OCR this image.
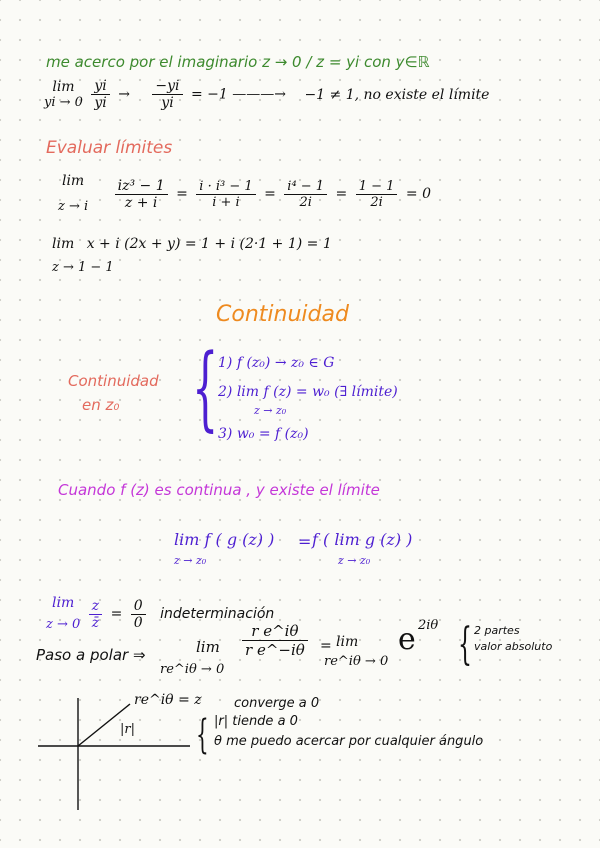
me acerco por el imaginario z → 0 / z = yi con y∈ℝ
lim
yi → 0
$\frac{yi}{yi} \to \frac{-yi}{yi} = -1$ ———→ −1 ≠ 1, no existe el límite
Evaluar límites
lim
z → i
$\frac{\text{iz³ − 1}}{z + i} = \frac{\text{i · i³ − 1}}{i + i} = \frac{\text{i⁴ − 1}}{2i} = \frac{1 - 1}{2i} = 0$
lim x + i (2x + y) = 1 + i (2·1 + 1) = 1
z → 1 − 1
Continuidad
Continuidad
en z₀ { 1) f (z₀) → z₀ ∈ G
2) lim f (z) = w₀ (∃ límite)
z → z₀
3) w₀ = f (z₀)
Cuando f (z) es continua , y existe el límite
lim f ( g (z) )
z → z₀
= f ( lim g (z) )
z → z₀
lim
z → 0
$\frac{z}{z̄} = \frac{0}{0}$ indeterminación
Paso a polar ⇒	lim
re^iθ → 0
$\frac{\text{r e\textasciicircum{}iθ}}{\text{r e\textasciicircum{}−iθ}} = \lim$
re^iθ → 0
e 2iθ { 2 partes
valor absoluto
re^iθ = z
|r|
converge a 0
{ |r| tiende a 0
θ me puedo acercar por cualquier ángulo
